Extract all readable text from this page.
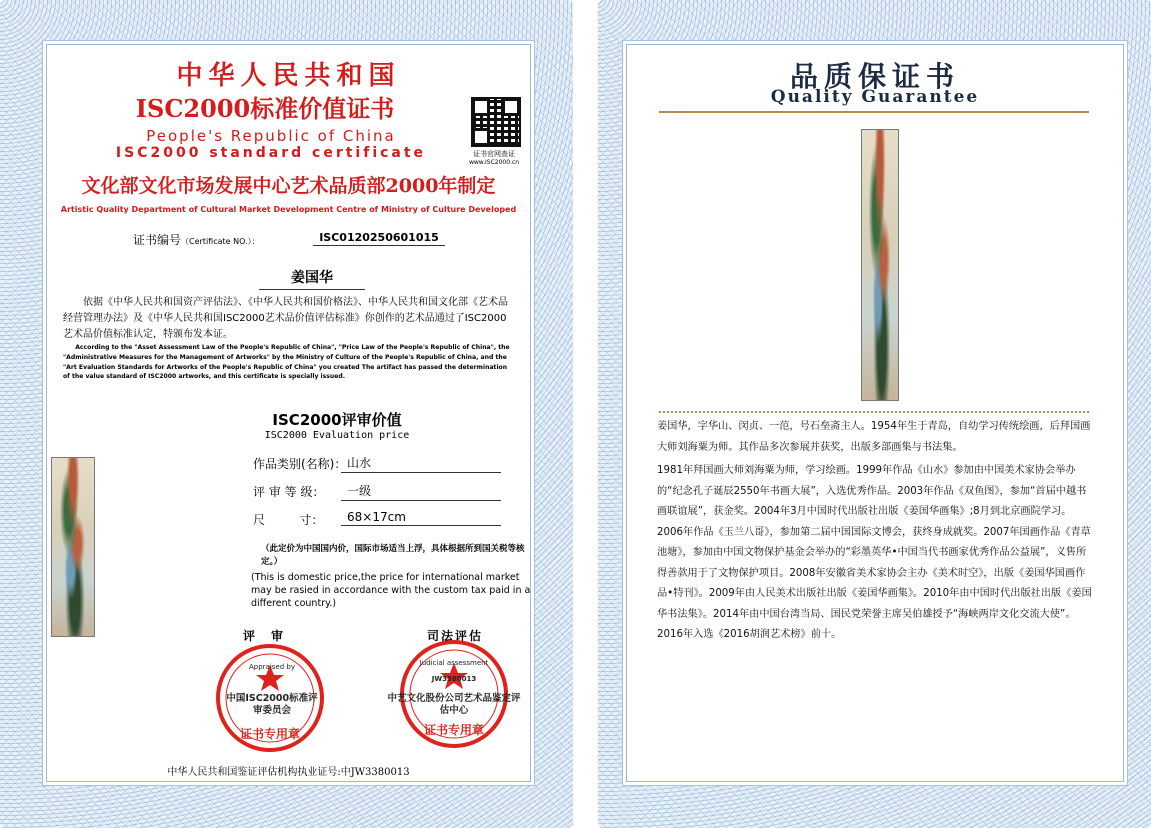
中华人民共和国
ISC2000标准价值证书
People's Republic of China
ISC2000 standard certificate	证书官网查证
www.ISC2000.cn
文化部文化市场发展中心艺术品质部2000年制定
Artistic Quality Department of Cultural Market Development Centre of Ministry of Culture Developed
证书编号（Certificate NO.）：	ISC0120250601015
姜国华
依据《中华人民共和国资产评估法》、《中华人民共和国价格法》、中华人民共和国文化部《艺术品经营管理办法》及《中华人民共和国ISC2000艺术品价值评估标准》你创作的艺术品通过了ISC2000艺术品价值标准认定，特颁布发本证。
According to the "Asset Assessment Law of the People's Republic of China", "Price Law of the People's Republic of China", the "Administrative Measures for the Management of Artworks" by the Ministry of Culture of the People's Republic of China, and the "Art Evaluation Standards for Artworks of the People's Republic of China" you created The artifact has passed the determination of the value standard of ISC2000 artworks, and this certificate is specially issued.
ISC2000评审价值
ISC2000 Evaluation price
作品类别(名称)： 山水
评 审 等 级：	一级
尺         寸：	68×17cm
（此定价为中国国内价，国际市场适当上浮，具体根据所到国关税等核定。）
(This is domestic price,the price for international market may be rasied in accordance with the custom tax paid in a different country.)
评审	司法评估
证书专用章
Appraised by
中国ISC2000标准评审委员会
证书专用章
Judicial assessment
JW3380013
中艺文化股份公司艺术品鉴定评估中心
中华人民共和国鉴证评估机构执业证号:中JW3380013
品质保证书
Quality Guarantee

姜国华，字华山、闵贞、一范，号石垒斋主人。1954年生于青岛，自幼学习传统绘画，后拜国画大师刘海粟为师。其作品多次参展并获奖，出版多部画集与书法集。

1981年拜国画大师刘海粟为师，学习绘画。1999年作品《山水》参加由中国美术家协会举办的“纪念孔子诞辰2550年书画大展”，入选优秀作品。2003年作品《双鱼图》，参加“首届中越书画联谊展”，获金奖。2004年3月中国时代出版社出版《姜国华画集》;8月到北京画院学习。2006年作品《玉兰八哥》，参加第二届中国国际文博会，获终身成就奖。2007年国画作品《青草池塘》，参加由中国文物保护基金会举办的“彩墨英华•中国当代书画家优秀作品公益展”，义售所得善款用于了文物保护项目。2008年安徽省美术家协会主办《美术时空》，出版《姜国华国画作品•特刊》。2009年由人民美术出版社出版《姜国华画集》。2010年由中国时代出版社出版《姜国华书法集》。2014年由中国台湾当局、国民党荣誉主席吴伯雄授予“海峡两岸文化交流大使”。2016年入选《2016胡润艺术榜》前十。
